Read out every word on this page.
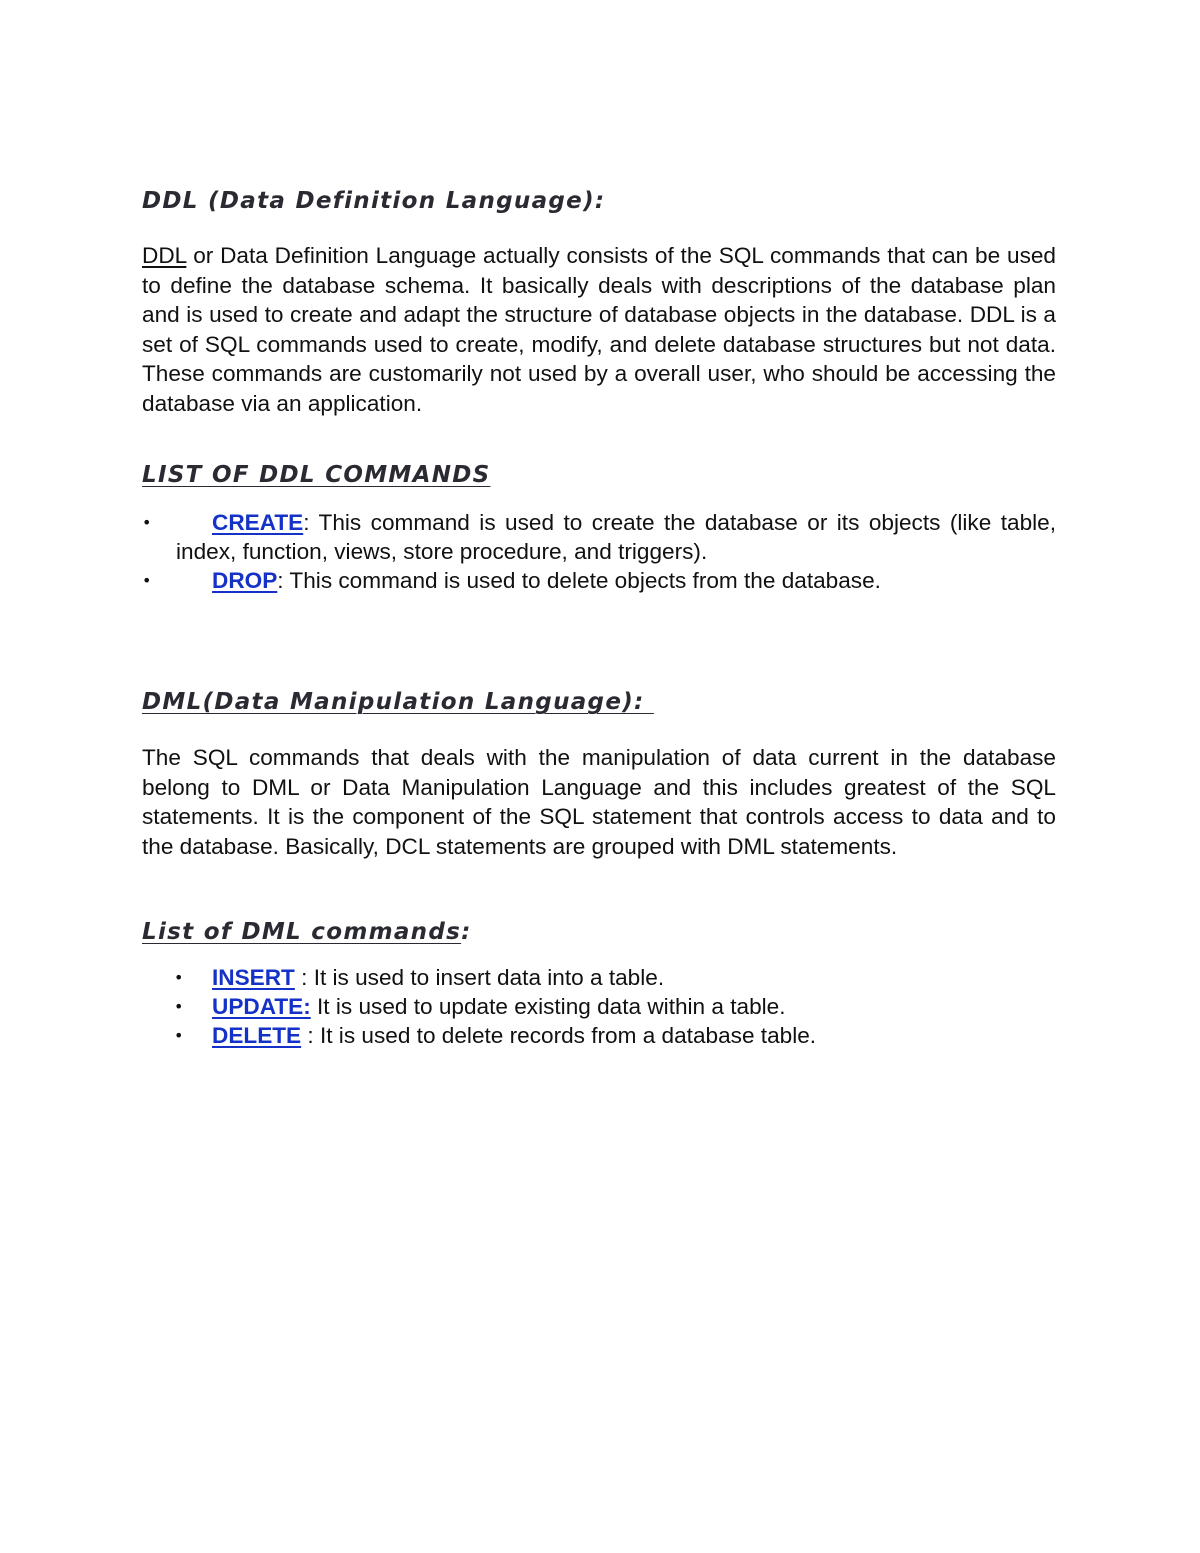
DDL (Data Definition Language):

DDL or Data Definition Language actually consists of the SQL commands that can be used to define the database schema. It basically deals with descriptions of the database plan and is used to create and adapt the structure of database objects in the database. DDL is a set of SQL commands used to create, modify, and delete database structures but not data. These commands are customarily not used by a overall user, who should be accessing the database via an application.

LIST OF DDL COMMANDS
•	CREATE: This command is used to create the database or its objects (like table, index, function, views, store procedure, and triggers).
•	DROP: This command is used to delete objects from the database.
DML(Data Manipulation Language):

The SQL commands that deals with the manipulation of data current in the database belong to DML or Data Manipulation Language and this includes greatest of the SQL statements. It is the component of the SQL statement that controls access to data and to the database. Basically, DCL statements are grouped with DML statements.

List of DML commands:
• INSERT : It is used to insert data into a table.
• UPDATE: It is used to update existing data within a table.
• DELETE : It is used to delete records from a database table.
